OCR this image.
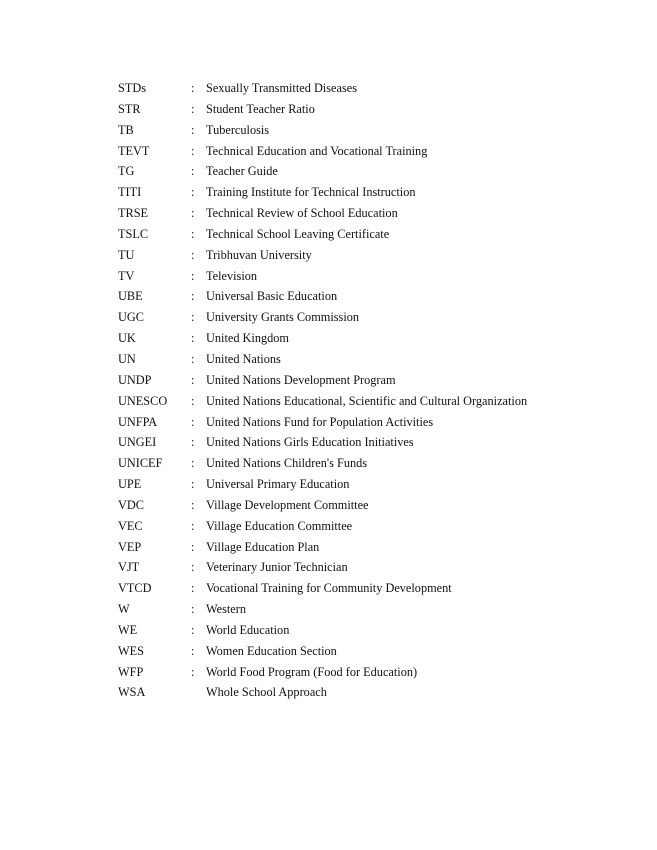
STDs	: Sexually Transmitted Diseases
STR	: Student Teacher Ratio
TB	: Tuberculosis
TEVT	: Technical Education and Vocational Training
TG	: Teacher Guide
TITI	: Training Institute for Technical Instruction
TRSE	: Technical Review of School Education
TSLC	: Technical School Leaving Certificate
TU	: Tribhuvan University
TV	: Television
UBE	: Universal Basic Education
UGC	: University Grants Commission
UK	: United Kingdom
UN	: United Nations
UNDP	: United Nations Development Program
UNESCO : United Nations Educational, Scientific and Cultural Organization
UNFPA	: United Nations Fund for Population Activities
UNGEI	: United Nations Girls Education Initiatives
UNICEF : United Nations Children's Funds
UPE	: Universal Primary Education
VDC	: Village Development Committee
VEC	: Village Education Committee
VEP	: Village Education Plan
VJT	: Veterinary Junior Technician
VTCD	: Vocational Training for Community Development
W	: Western
WE	: World Education
WES	: Women Education Section
WFP	: World Food Program (Food for Education)
WSA	Whole School Approach
